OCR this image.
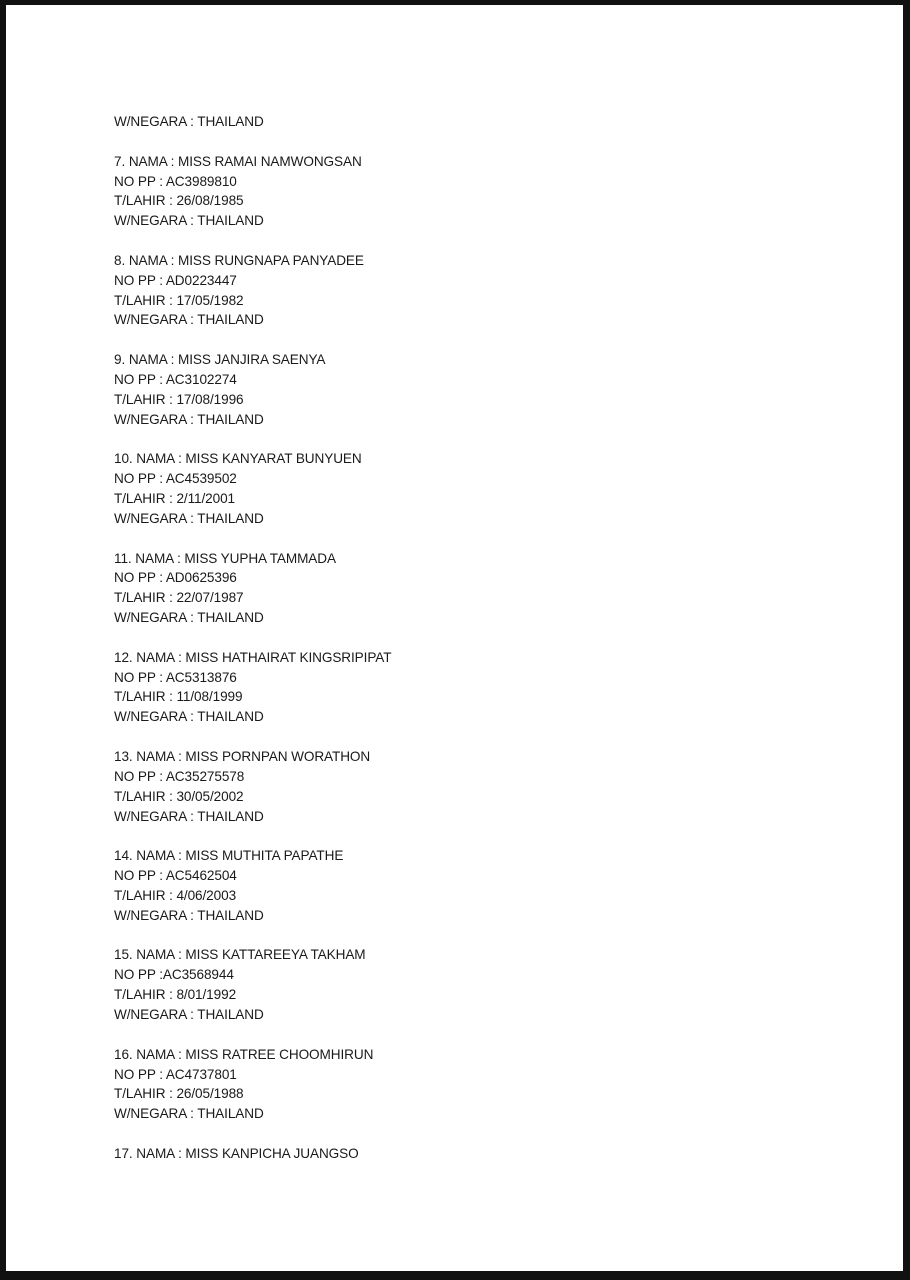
W/NEGARA : THAILAND
7. NAMA : MISS RAMAI NAMWONGSAN
NO PP : AC3989810
T/LAHIR : 26/08/1985
W/NEGARA : THAILAND
8. NAMA : MISS RUNGNAPA PANYADEE
NO PP : AD0223447
T/LAHIR : 17/05/1982
W/NEGARA : THAILAND
9. NAMA : MISS JANJIRA SAENYA
NO PP : AC3102274
T/LAHIR : 17/08/1996
W/NEGARA : THAILAND
10. NAMA : MISS KANYARAT BUNYUEN
NO PP : AC4539502
T/LAHIR : 2/11/2001
W/NEGARA : THAILAND
11. NAMA : MISS YUPHA TAMMADA
NO PP : AD0625396
T/LAHIR : 22/07/1987
W/NEGARA : THAILAND
12. NAMA : MISS HATHAIRAT KINGSRIPIPAT
NO PP : AC5313876
T/LAHIR : 11/08/1999
W/NEGARA : THAILAND
13. NAMA : MISS PORNPAN WORATHON
NO PP : AC35275578
T/LAHIR : 30/05/2002
W/NEGARA : THAILAND
14. NAMA : MISS MUTHITA PAPATHE
NO PP : AC5462504
T/LAHIR : 4/06/2003
W/NEGARA : THAILAND
15. NAMA : MISS KATTAREEYA TAKHAM
NO PP :AC3568944
T/LAHIR : 8/01/1992
W/NEGARA : THAILAND
16. NAMA : MISS RATREE CHOOMHIRUN
NO PP : AC4737801
T/LAHIR : 26/05/1988
W/NEGARA : THAILAND
17. NAMA : MISS KANPICHA JUANGSO
